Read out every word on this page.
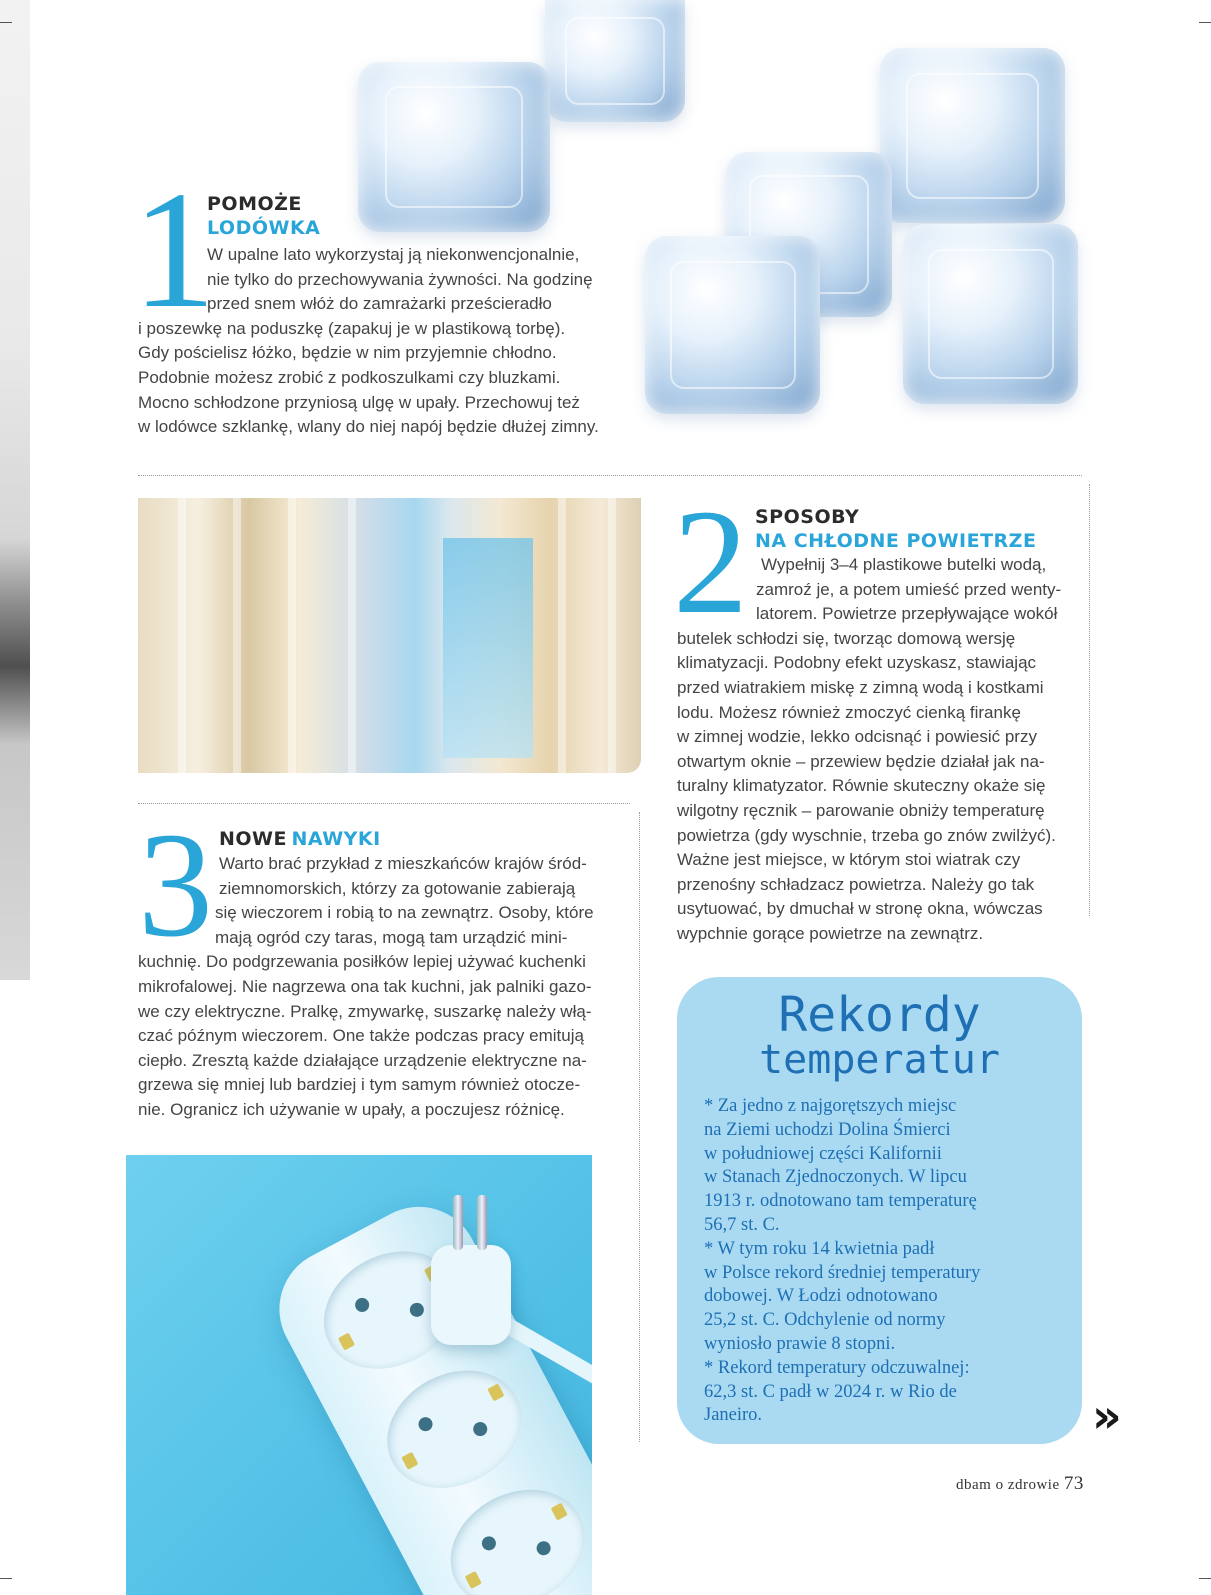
1
POMOŻE
LODÓWKA
W upalne lato wykorzystaj ją niekonwencjonalnie,
nie tylko do przechowywania żywności. Na godzinę
przed snem włóż do zamrażarki prześcieradło
i poszewkę na poduszkę (zapakuj je w plastikową torbę).
Gdy pościelisz łóżko, będzie w nim przyjemnie chłodno.
Podobnie możesz zrobić z podkoszulkami czy bluzkami.
Mocno schłodzone przyniosą ulgę w upały. Przechowuj też
w lodówce szklankę, wlany do niej napój będzie dłużej zimny.
2 SPOSOBY
NA CHŁODNE POWIETRZE
Wypełnij 3–4 plastikowe butelki wodą,
zamroź je, a potem umieść przed wenty-
latorem. Powietrze przepływające wokół
butelek schłodzi się, tworząc domową wersję
klimatyzacji. Podobny efekt uzyskasz, stawiając
przed wiatrakiem miskę z zimną wodą i kostkami
lodu. Możesz również zmoczyć cienką firankę
w zimnej wodzie, lekko odcisnąć i powiesić przy
otwartym oknie – przewiew będzie działał jak na-
turalny klimatyzator. Równie skuteczny okaże się
wilgotny ręcznik – parowanie obniży temperaturę
powietrza (gdy wyschnie, trzeba go znów zwilżyć).
Ważne jest miejsce, w którym stoi wiatrak czy
przenośny schładzacz powietrza. Należy go tak
usytuować, by dmuchał w stronę okna, wówczas
wypchnie gorące powietrze na zewnątrz.
3 NOWE NAWYKI
Warto brać przykład z mieszkańców krajów śród-
ziemnomorskich, którzy za gotowanie zabierają
się wieczorem i robią to na zewnątrz. Osoby, które
mają ogród czy taras, mogą tam urządzić mini-
kuchnię. Do podgrzewania posiłków lepiej używać kuchenki
mikrofalowej. Nie nagrzewa ona tak kuchni, jak palniki gazo-
we czy elektryczne. Pralkę, zmywarkę, suszarkę należy włą-
czać późnym wieczorem. One także podczas pracy emitują
ciepło. Zresztą każde działające urządzenie elektryczne na-
grzewa się mniej lub bardziej i tym samym również otocze-
nie. Ogranicz ich używanie w upały, a poczujesz różnicę.
Rekordy
temperatur
* Za jedno z najgorętszych miejsc
na Ziemi uchodzi Dolina Śmierci
w południowej części Kalifornii
w Stanach Zjednoczonych. W lipcu
1913 r. odnotowano tam temperaturę
56,7 st. C.
* W tym roku 14 kwietnia padł
w Polsce rekord średniej temperatury
dobowej. W Łodzi odnotowano
25,2 st. C. Odchylenie od normy
wyniosło prawie 8 stopni.
* Rekord temperatury odczuwalnej:
62,3 st. C padł w 2024 r. w Rio de
Janeiro.	»
dbam o zdrowie 73
